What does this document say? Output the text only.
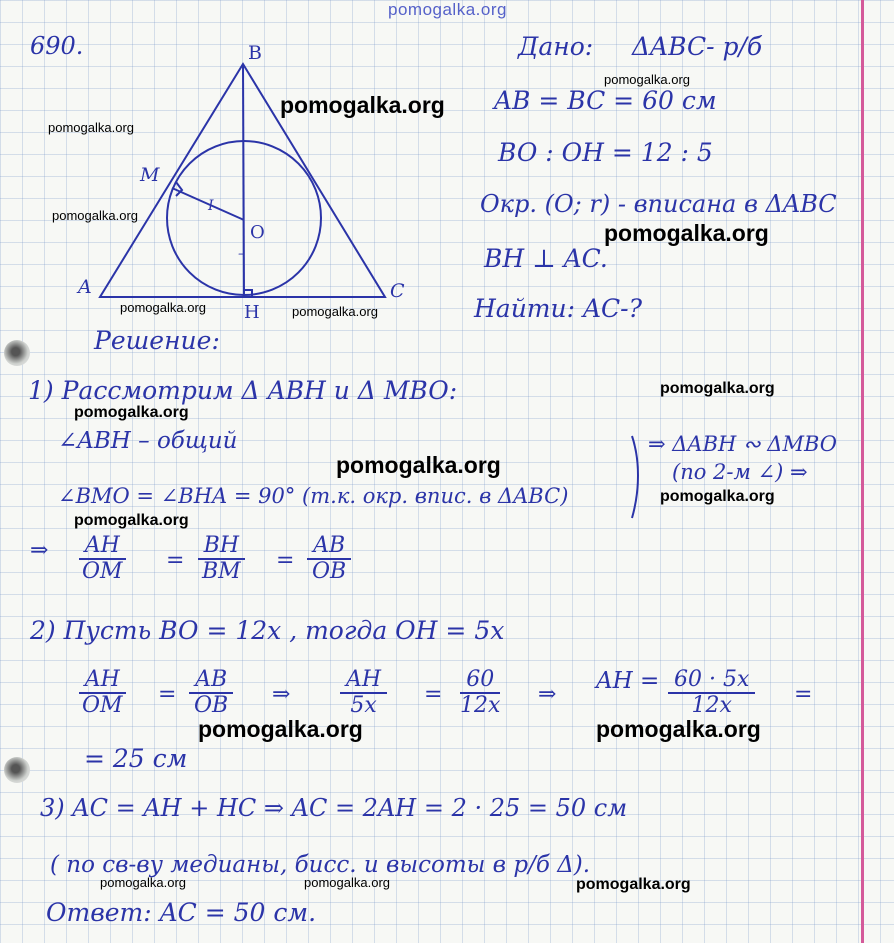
pomogalka.org
690.	B
M
O
A
H
C
I
–
Дано: ΔABC- р/б
AB = BC = 60 см
BO : OH = 12 : 5
Окр. (O; r) - вписана в ΔABC
BH ⊥ AC.
Найти: AC-?
Решение:
1) Рассмотрим Δ ABH и Δ MBO:
∠ABH – общий
∠BMO = ∠BHA = 90° (т.к. окр. впис. в ΔABC)
⇒ ΔABH ∾ ΔMBO
(по 2-м ∠) ⇒
⇒ $\frac{AH}{OM} = \frac{BH}{BM} = \frac{AB}{OB}$
2) Пусть BO = 12x , тогда OH = 5x
$\frac{AH}{OM} = \frac{AB}{OB}$ ⇒ $\frac{AH}{5x} = \frac{60}{12x}$ ⇒
AH = $\frac{60 \cdot 5x}{12x}$ =
= 25 см
3) AC = AH + HC ⇒ AC = 2AH = 2 · 25 = 50 см
( по св-ву медианы, бисс. и высоты в р/б Δ).
Ответ: AC = 50 см.
pomogalka.org
pomogalka.org
pomogalka.org
pomogalka.org
pomogalka.org
pomogalka.org	pomogalka.org
pomogalka.org
pomogalka.org
pomogalka.org
pomogalka.org
pomogalka.org
pomogalka.org	pomogalka.org
pomogalka.org	pomogalka.org	pomogalka.org
